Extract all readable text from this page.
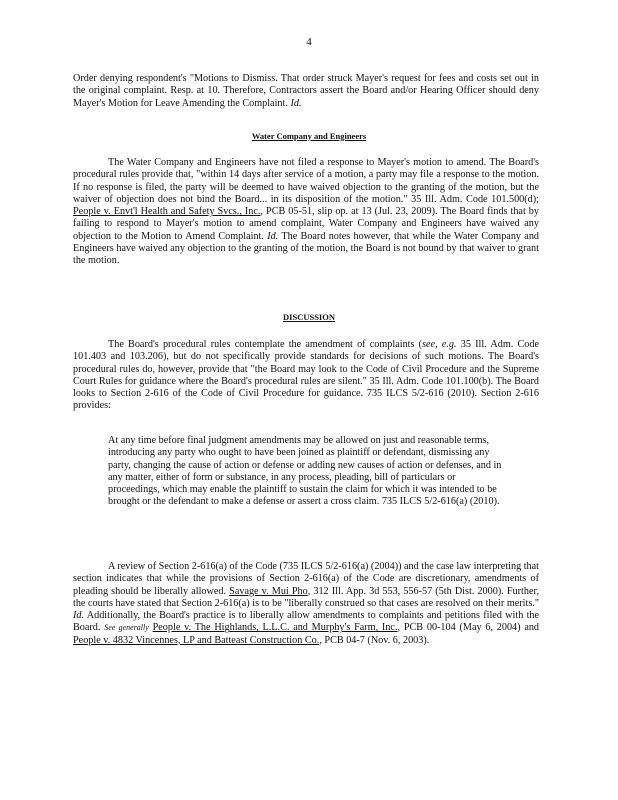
4
Order denying respondent's "Motions to Dismiss. That order struck Mayer's request for fees and costs set out in the original complaint. Resp. at 10. Therefore, Contractors assert the Board and/or Hearing Officer should deny Mayer's Motion for Leave Amending the Complaint. Id.
Water Company and Engineers
The Water Company and Engineers have not filed a response to Mayer's motion to amend. The Board's procedural rules provide that, "within 14 days after service of a motion, a party may file a response to the motion. If no response is filed, the party will be deemed to have waived objection to the granting of the motion, but the waiver of objection does not bind the Board... in its disposition of the motion." 35 Ill. Adm. Code 101.500(d); People v. Envt'l Health and Safety Svcs., Inc., PCB 05-51, slip op. at 13 (Jul. 23, 2009). The Board finds that by failing to respond to Mayer's motion to amend complaint, Water Company and Engineers have waived any objection to the Motion to Amend Complaint. Id. The Board notes however, that while the Water Company and Engineers have waived any objection to the granting of the motion, the Board is not bound by that waiver to grant the motion.
DISCUSSION
The Board's procedural rules contemplate the amendment of complaints (see, e.g. 35 Ill. Adm. Code 101.403 and 103.206), but do not specifically provide standards for decisions of such motions. The Board's procedural rules do, however, provide that "the Board may look to the Code of Civil Procedure and the Supreme Court Rules for guidance where the Board's procedural rules are silent." 35 Ill. Adm. Code 101.100(b). The Board looks to Section 2-616 of the Code of Civil Procedure for guidance. 735 ILCS 5/2-616 (2010). Section 2-616 provides:
At any time before final judgment amendments may be allowed on just and reasonable terms, introducing any party who ought to have been joined as plaintiff or defendant, dismissing any party, changing the cause of action or defense or adding new causes of action or defenses, and in any matter, either of form or substance, in any process, pleading, bill of particulars or proceedings, which may enable the plaintiff to sustain the claim for which it was intended to be brought or the defendant to make a defense or assert a cross claim. 735 ILCS 5/2-616(a) (2010).
A review of Section 2-616(a) of the Code (735 ILCS 5/2-616(a) (2004)) and the case law interpreting that section indicates that while the provisions of Section 2-616(a) of the Code are discretionary, amendments of pleading should be liberally allowed. Savage v. Mui Pho, 312 Ill. App. 3d 553, 556-57 (5th Dist. 2000). Further, the courts have stated that Section 2-616(a) is to be "liberally construed so that cases are resolved on their merits." Id. Additionally, the Board's practice is to liberally allow amendments to complaints and petitions filed with the Board. See generally People v. The Highlands, L.L.C. and Murphy's Farm, Inc., PCB 00-104 (May 6, 2004) and People v. 4832 Vincennes, LP and Batteast Construction Co., PCB 04-7 (Nov. 6, 2003).
